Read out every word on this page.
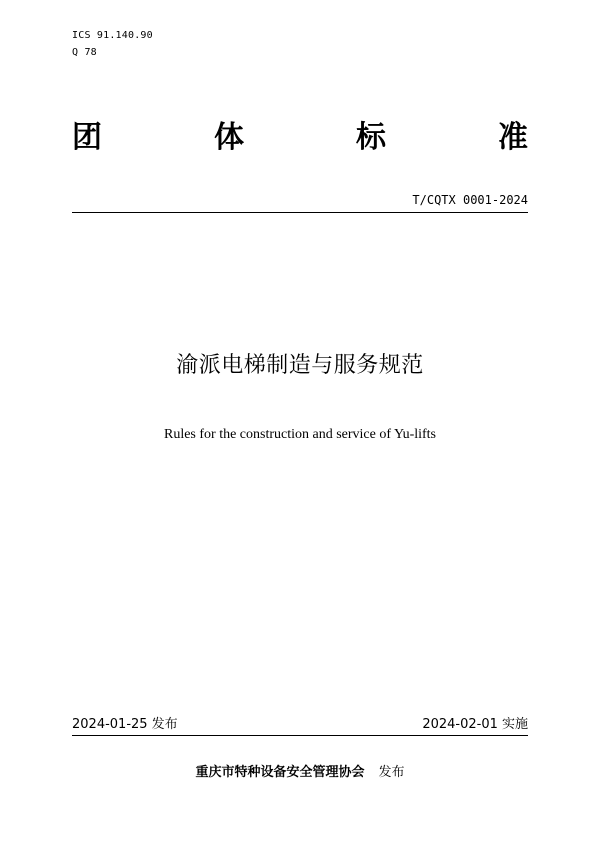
ICS 91.140.90
Q 78
团	体	标	准
T/CQTX 0001-2024
渝派电梯制造与服务规范
Rules for the construction and service of Yu-lifts
2024-01-25 发布	2024-02-01 实施
重庆市特种设备安全管理协会 发布
